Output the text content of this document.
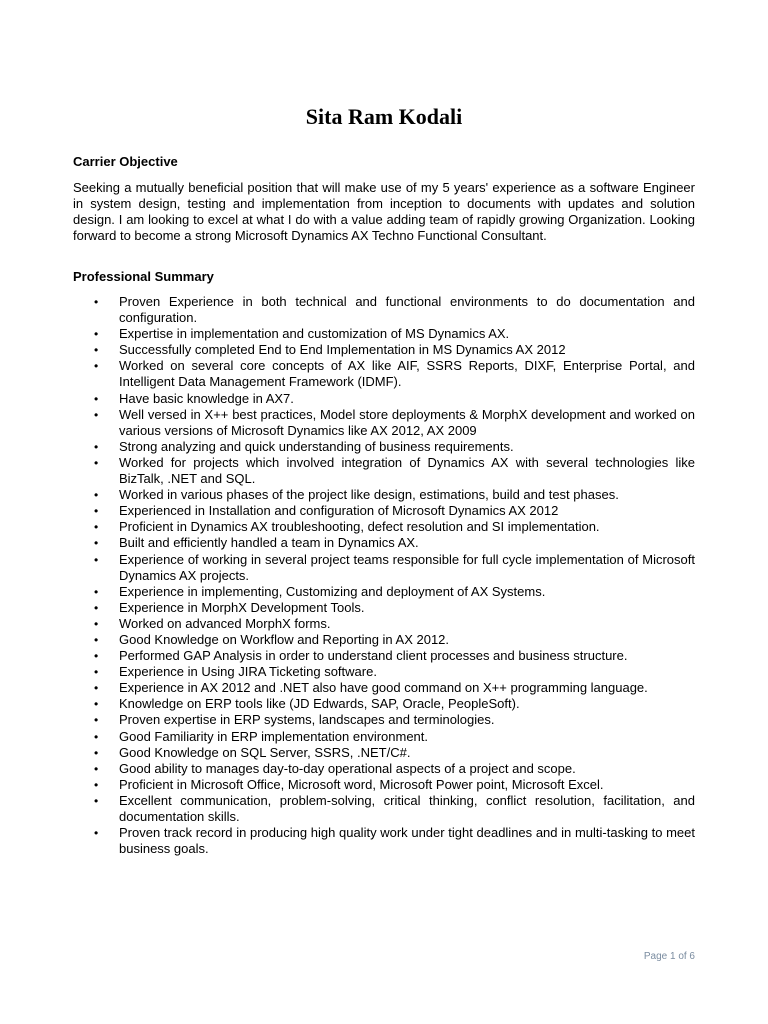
Sita Ram Kodali
Carrier Objective

Seeking a mutually beneficial position that will make use of my 5 years' experience as a software Engineer in system design, testing and implementation from inception to documents with updates and solution design. I am looking to excel at what I do with a value adding team of rapidly growing Organization. Looking forward to become a strong Microsoft Dynamics AX Techno Functional Consultant.

Professional Summary
• Proven Experience in both technical and functional environments to do documentation and configuration.
• Expertise in implementation and customization of MS Dynamics AX.
• Successfully completed End to End Implementation in MS Dynamics AX 2012
• Worked on several core concepts of AX like AIF, SSRS Reports, DIXF, Enterprise Portal, and Intelligent Data Management Framework (IDMF).
• Have basic knowledge in AX7.
• Well versed in X++ best practices, Model store deployments & MorphX development and worked on various versions of Microsoft Dynamics like AX 2012, AX 2009
• Strong analyzing and quick understanding of business requirements.
• Worked for projects which involved integration of Dynamics AX with several technologies like BizTalk, .NET and SQL.
• Worked in various phases of the project like design, estimations, build and test phases.
• Experienced in Installation and configuration of Microsoft Dynamics AX 2012
• Proficient in Dynamics AX troubleshooting, defect resolution and SI implementation.
• Built and efficiently handled a team in Dynamics AX.
• Experience of working in several project teams responsible for full cycle implementation of Microsoft Dynamics AX projects.
• Experience in implementing, Customizing and deployment of AX Systems.
• Experience in MorphX Development Tools.
• Worked on advanced MorphX forms.
• Good Knowledge on Workflow and Reporting in AX 2012.
• Performed GAP Analysis in order to understand client processes and business structure.
• Experience in Using JIRA Ticketing software.
• Experience in AX 2012 and .NET also have good command on X++ programming language.
• Knowledge on ERP tools like (JD Edwards, SAP, Oracle, PeopleSoft).
• Proven expertise in ERP systems, landscapes and terminologies.
• Good Familiarity in ERP implementation environment.
• Good Knowledge on SQL Server, SSRS, .NET/C#.
• Good ability to manages day-to-day operational aspects of a project and scope.
• Proficient in Microsoft Office, Microsoft word, Microsoft Power point, Microsoft Excel.
• Excellent communication, problem-solving, critical thinking, conflict resolution, facilitation, and documentation skills.
• Proven track record in producing high quality work under tight deadlines and in multi-tasking to meet business goals.
Page 1 of 6
